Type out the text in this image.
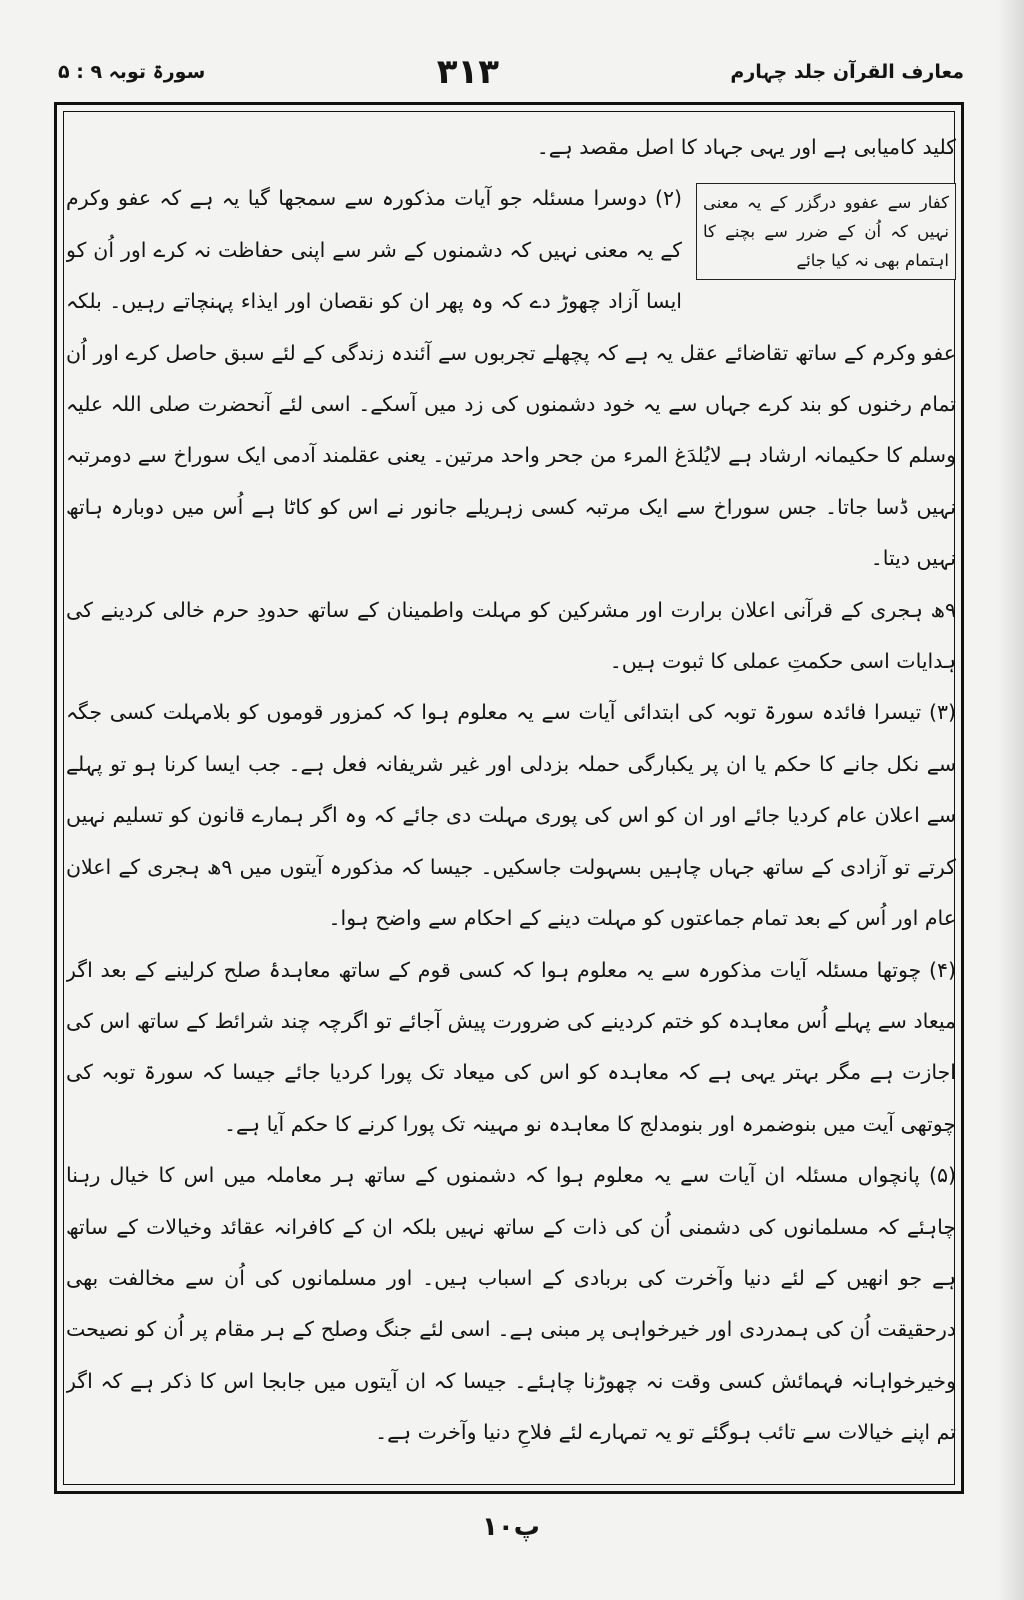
معارف القرآن جلد چہارم
۳۱۳
سورۃ توبہ ۹ : ۵

کلید کامیابی ہے اور یہی جہاد کا اصل مقصد ہے۔

کفار سے عفوو درگزر کے یہ معنی نہیں کہ اُن کے ضرر سے بچنے کا اہتمام بھی نہ کیا جائے

(۲) دوسرا مسئلہ جو آیات مذکورہ سے سمجھا گیا یہ ہے کہ عفو وکرم کے یہ معنی نہیں کہ دشمنوں کے شر سے اپنی حفاظت نہ کرے اور اُن کو ایسا آزاد چھوڑ دے کہ وہ پھر ان کو نقصان اور ایذاء پہنچاتے رہیں۔ بلکہ عفو وکرم کے ساتھ تقاضائے عقل یہ ہے کہ پچھلے تجربوں سے آئندہ زندگی کے لئے سبق حاصل کرے اور اُن تمام رخنوں کو بند کرے جہاں سے یہ خود دشمنوں کی زد میں آسکے۔ اسی لئے آنحضرت صلی اللہ علیہ وسلم کا حکیمانہ ارشاد ہے لایُلدَغ المرء من جحر واحد مرتین۔ یعنی عقلمند آدمی ایک سوراخ سے دومرتبہ نہیں ڈسا جاتا۔ جس سوراخ سے ایک مرتبہ کسی زہریلے جانور نے اس کو کاٹا ہے اُس میں دوبارہ ہاتھ نہیں دیتا۔

۹ھ ہجری کے قرآنی اعلان برارت اور مشرکین کو مہلت واطمینان کے ساتھ حدودِ حرم خالی کردینے کی ہدایات اسی حکمتِ عملی کا ثبوت ہیں۔

(۳) تیسرا فائدہ سورۃ توبہ کی ابتدائی آیات سے یہ معلوم ہوا کہ کمزور قوموں کو بلامہلت کسی جگہ سے نکل جانے کا حکم یا ان پر یکبارگی حملہ بزدلی اور غیر شریفانہ فعل ہے۔ جب ایسا کرنا ہو تو پہلے سے اعلان عام کردیا جائے اور ان کو اس کی پوری مہلت دی جائے کہ وہ اگر ہمارے قانون کو تسلیم نہیں کرتے تو آزادی کے ساتھ جہاں چاہیں بسہولت جاسکیں۔ جیسا کہ مذکورہ آیتوں میں ۹ھ ہجری کے اعلان عام اور اُس کے بعد تمام جماعتوں کو مہلت دینے کے احکام سے واضح ہوا۔

(۴) چوتھا مسئلہ آیات مذکورہ سے یہ معلوم ہوا کہ کسی قوم کے ساتھ معاہدۂ صلح کرلینے کے بعد اگر میعاد سے پہلے اُس معاہدہ کو ختم کردینے کی ضرورت پیش آجائے تو اگرچہ چند شرائط کے ساتھ اس کی اجازت ہے مگر بہتر یہی ہے کہ معاہدہ کو اس کی میعاد تک پورا کردیا جائے جیسا کہ سورۃ توبہ کی چوتھی آیت میں بنوضمرہ اور بنومدلج کا معاہدہ نو مہینہ تک پورا کرنے کا حکم آیا ہے۔

(۵) پانچواں مسئلہ ان آیات سے یہ معلوم ہوا کہ دشمنوں کے ساتھ ہر معاملہ میں اس کا خیال رہنا چاہئے کہ مسلمانوں کی دشمنی اُن کی ذات کے ساتھ نہیں بلکہ ان کے کافرانہ عقائد وخیالات کے ساتھ ہے جو انھیں کے لئے دنیا وآخرت کی بربادی کے اسباب ہیں۔ اور مسلمانوں کی اُن سے مخالفت بھی درحقیقت اُن کی ہمدردی اور خیرخواہی پر مبنی ہے۔ اسی لئے جنگ وصلح کے ہر مقام پر اُن کو نصیحت وخیرخواہانہ فہمائش کسی وقت نہ چھوڑنا چاہئے۔ جیسا کہ ان آیتوں میں جابجا اس کا ذکر ہے کہ اگر تم اپنے خیالات سے تائب ہوگئے تو یہ تمہارے لئے فلاحِ دنیا وآخرت ہے۔

پ۱۰
